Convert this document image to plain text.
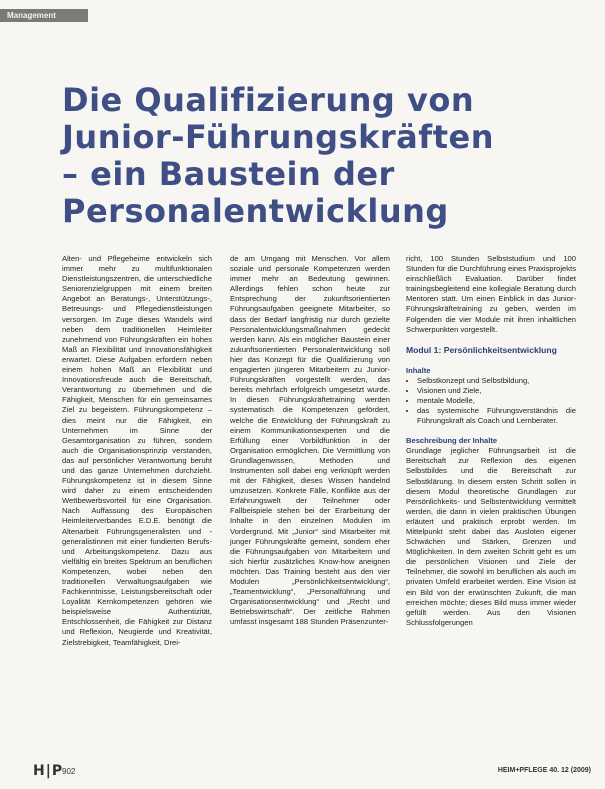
Management
Die Qualifizierung von
Junior-Führungskräften
– ein Baustein der
Personalentwicklung

Alten- und Pflegeheime entwickeln sich immer mehr zu multifunktionalen Dienstleistungszentren, die unterschiedliche Seniorenzielgruppen mit einem breiten Angebot an Beratungs-, Unterstützungs-, Betreuungs- und Pflegedienstleistungen versorgen. Im Zuge dieses Wandels wird neben dem traditionellen Heimleiter zunehmend von Führungskräften ein hohes Maß an Flexibilität und Innovationsfähigkeit erwartet. Diese Aufgaben erfordern neben einem hohen Maß an Flexibilität und Innovationsfreude auch die Bereitschaft, Verantwortung zu übernehmen und die Fähigkeit, Menschen für ein gemeinsames Ziel zu begeistern. Führungskompetenz – dies meint nur die Fähigkeit, ein Unternehmen im Sinne der Gesamtorganisation zu führen, sondern auch die Organisationsprinzip verstanden, das auf persönlicher Verantwortung beruht und das ganze Unternehmen durchzieht. Führungskompetenz ist in diesem Sinne wird daher zu einem entscheidenden Wettbewerbsvorteil für eine Organisation. Nach Auffassung des Europäischen Heimleiterverbandes E.D.E. benötigt die Altenarbeit Führungsgeneralisten und -generalistinnen mit einer fundierten Berufs- und Arbeitungskompetenz. Dazu aus vielfältig ein breites Spektrum an beruflichen Kompetenzen, wobei neben den traditionellen Verwaltungsaufgaben wie Fachkenntnisse, Leistungsbereitschaft oder Loyalität Kernkompetenzen gehören wie beispielsweise Authentizität, Entschlossenheit, die Fähigkeit zur Distanz und Reflexion, Neugierde und Kreativität, Zielstrebigkeit, Teamfähigkeit, Drei-

de am Umgang mit Menschen. Vor allem soziale und personale Kompetenzen werden immer mehr an Bedeutung gewinnen. Allerdings fehlen schon heute zur Entsprechung der zukunftsorientierten Führungsaufgaben geeignete Mitarbeiter, so dass der Bedarf langfristig nur durch gezielte Personalentwicklungsmaßnahmen gedeckt werden kann. Als ein möglicher Baustein einer zukunftsorientierten Personalentwicklung soll hier das Konzept für die Qualifizierung von engagierten jüngeren Mitarbeitern zu Junior-Führungskräften vorgestellt werden, das bereits mehrfach erfolgreich umgesetzt wurde. In diesen Führungskräftetraining werden systematisch die Kompetenzen gefördert, welche die Entwicklung der Führungskraft zu einem Kommunikationsexperten und die Erfüllung einer Vorbildfunktion in der Organisation ermöglichen. Die Vermittlung von Grundlagenwissen, Methoden und Instrumenten soll dabei eng verknüpft werden mit der Fähigkeit, dieses Wissen handelnd umzusetzen. Konkrete Fälle, Konflikte aus der Erfahrungswelt der Teilnehmer oder Fallbeispiele stehen bei der Erarbeitung der Inhalte in den einzelnen Modulen im Vordergrund. Mit „Junior“ sind Mitarbeiter mit junger Führungskräfte gemeint, sondern eher die Führungsaufgaben von Mitarbeitern und sich hierfür zusätzliches Know-how aneignen möchten. Das Training besteht aus den vier Modulen „Persönlichkeitsentwicklung“, „Teamentwicklung“, „Personalführung und Organisationsentwicklung“ und „Recht und Betriebswirtschaft“. Der zeitliche Rahmen umfasst insgesamt 188 Stunden Präsenzunter-

richt, 100 Stunden Selbststudium und 100 Stunden für die Durchführung eines Praxisprojekts einschließlich Evaluation. Darüber findet trainingsbegleitend eine kollegiale Beratung durch Mentoren statt. Um einen Einblick in das Junior-Führungskräftetraining zu geben, werden im Folgenden die vier Module mit ihren inhaltlichen Schwerpunkten vorgestellt.

Modul 1: Persönlichkeitsentwicklung
Inhalte
• Selbstkonzept und Selbstbildung,
• Visionen und Ziele,
• mentale Modelle,
• das systemische Führungsverständnis die Führungskraft als Coach und Lernberater.
Beschreibung der Inhalte

Grundlage jeglicher Führungsarbeit ist die Bereitschaft zur Reflexion des eigenen Selbstbildes und die Bereitschaft zur Selbstklärung. In diesem ersten Schritt sollen in diesem Modul theoretische Grundlagen zur Persönlichkeits- und Selbstentwicklung vermittelt werden, die dann in vielen praktischen Übungen erläutert und praktisch erprobt werden. Im Mittelpunkt steht dabei das Ausloten eigener Schwächen und Stärken, Grenzen und Möglichkeiten. In dem zweiten Schritt geht es um die persönlichen Visionen und Ziele der Teilnehmer, die sowohl im beruflichen als auch im privaten Umfeld erarbeitet werden. Eine Vision ist ein Bild von der erwünschten Zukunft, die man erreichen möchte; dieses Bild muss immer wieder gefüllt werden. Aus den Visionen Schlussfolgerungen

H|P
902	HEIM+PFLEGE 40. 12 (2009)
